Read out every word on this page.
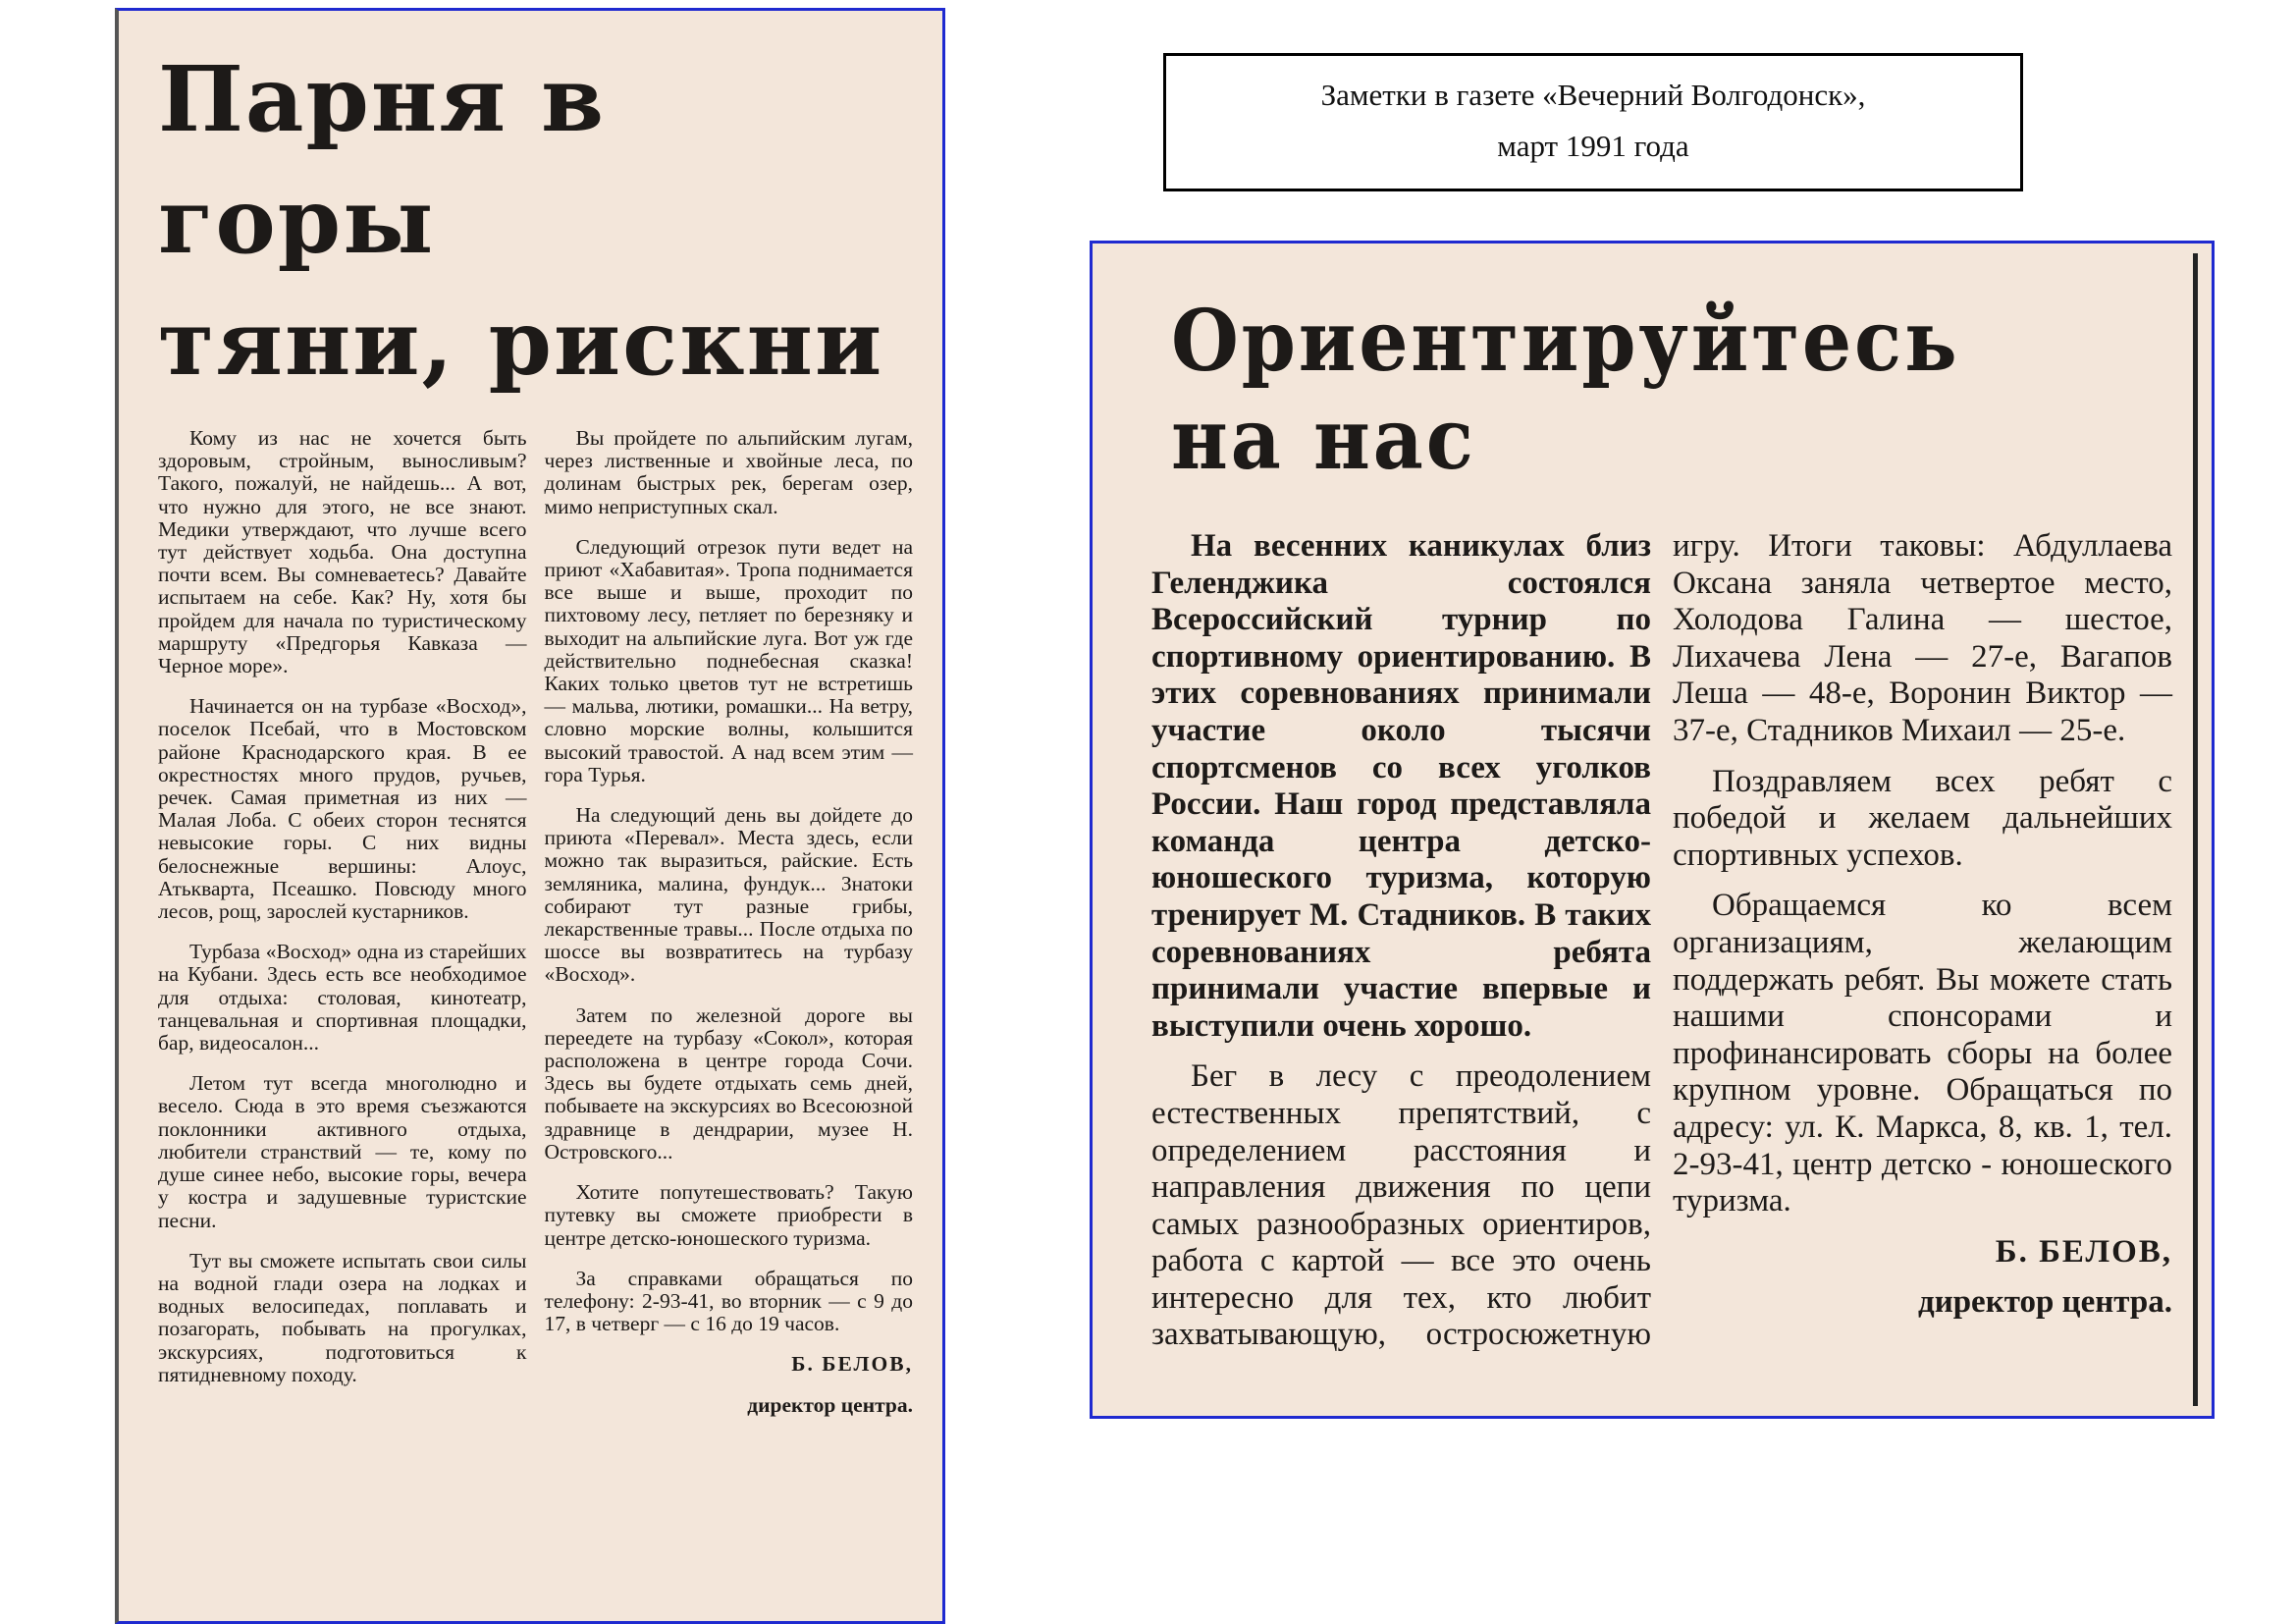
Парня в горы
тяни, рискни

Кому из нас не хочется быть здоровым, стройным, выносливым? Такого, пожалуй, не найдешь... А вот, что нужно для этого, не все знают. Медики утверждают, что лучше всего тут действует ходьба. Она доступна почти всем. Вы сомневаетесь? Давайте испытаем на себе. Как? Ну, хотя бы пройдем для начала по туристическому маршруту «Предгорья Кавказа — Черное море».

Начинается он на турбазе «Восход», поселок Псебай, что в Мостовском районе Краснодарского края. В ее окрестностях много прудов, ручьев, речек. Самая приметная из них — Малая Лоба. С обеих сторон теснятся невысокие горы. С них видны белоснежные вершины: Алоус, Атькварта, Псеашко. Повсюду много лесов, рощ, зарослей кустарников.

Турбаза «Восход» одна из старейших на Кубани. Здесь есть все необходимое для отдыха: столовая, кинотеатр, танцевальная и спортивная площадки, бар, видеосалон...

Летом тут всегда многолюдно и весело. Сюда в это время съезжаются поклонники активного отдыха, любители странствий — те, кому по душе синее небо, высокие горы, вечера у костра и задушевные туристские песни.

Тут вы сможете испытать свои силы на водной глади озера на лодках и водных велосипедах, поплавать и позагорать, побывать на прогулках, экскурсиях, подготовиться к пятидневному походу.

Вы пройдете по альпийским лугам, через лиственные и хвойные леса, по долинам быстрых рек, берегам озер, мимо неприступных скал.

Следующий отрезок пути ведет на приют «Хабавитая». Тропа поднимается все выше и выше, проходит по пихтовому лесу, петляет по березняку и выходит на альпийские луга. Вот уж где действительно поднебесная сказка! Каких только цветов тут не встретишь — мальва, лютики, ромашки... На ветру, словно морские волны, колышится высокий травостой. А над всем этим — гора Турья.

На следующий день вы дойдете до приюта «Перевал». Места здесь, если можно так выразиться, райские. Есть земляника, малина, фундук... Знатоки собирают тут разные грибы, лекарственные травы... После отдыха по шоссе вы возвратитесь на турбазу «Восход».

Затем по железной дороге вы переедете на турбазу «Сокол», которая расположена в центре города Сочи. Здесь вы будете отдыхать семь дней, побываете на экскурсиях во Всесоюзной здравнице в дендрарии, музее Н. Островского...

Хотите попутешествовать? Такую путевку вы сможете приобрести в центре детско-юношеского туризма.

За справками обращаться по телефону: 2-93-41, во вторник — с 9 до 17, в четверг — с 16 до 19 часов.

Б. БЕЛОВ,

директор центра.

Заметки в газете «Вечерний Волгодонск»,
март 1991 года
Ориентируйтесь на нас

На весенних каникулах близ Геленджика состоялся Всероссийский турнир по спортивному ориентированию. В этих соревнованиях принимали участие около тысячи спортсменов со всех уголков России. Наш город представляла команда центра детско-юношеского туризма, которую тренирует М. Стадников. В таких соревнованиях ребята принимали участие впервые и выступили очень хорошо.

Бег в лесу с преодолением естественных препятствий, с определением расстояния и направления движения по цепи самых разнообразных ориентиров, работа с картой — все это очень интересно для тех, кто любит захватывающую, остросюжетную игру. Итоги таковы: Абдуллаева Оксана заняла четвертое место, Холодова Галина — шестое, Лихачева Лена — 27-е, Вагапов Леша — 48-е, Воронин Виктор — 37-е, Стадников Михаил — 25-е.

Поздравляем всех ребят с победой и желаем дальнейших спортивных успехов.

Обращаемся ко всем организациям, желающим поддержать ребят. Вы можете стать нашими спонсорами и профинансировать сборы на более крупном уровне. Обращаться по адресу: ул. К. Маркса, 8, кв. 1, тел. 2-93-41, центр детско - юношеского туризма.

Б. БЕЛОВ,

директор центра.
